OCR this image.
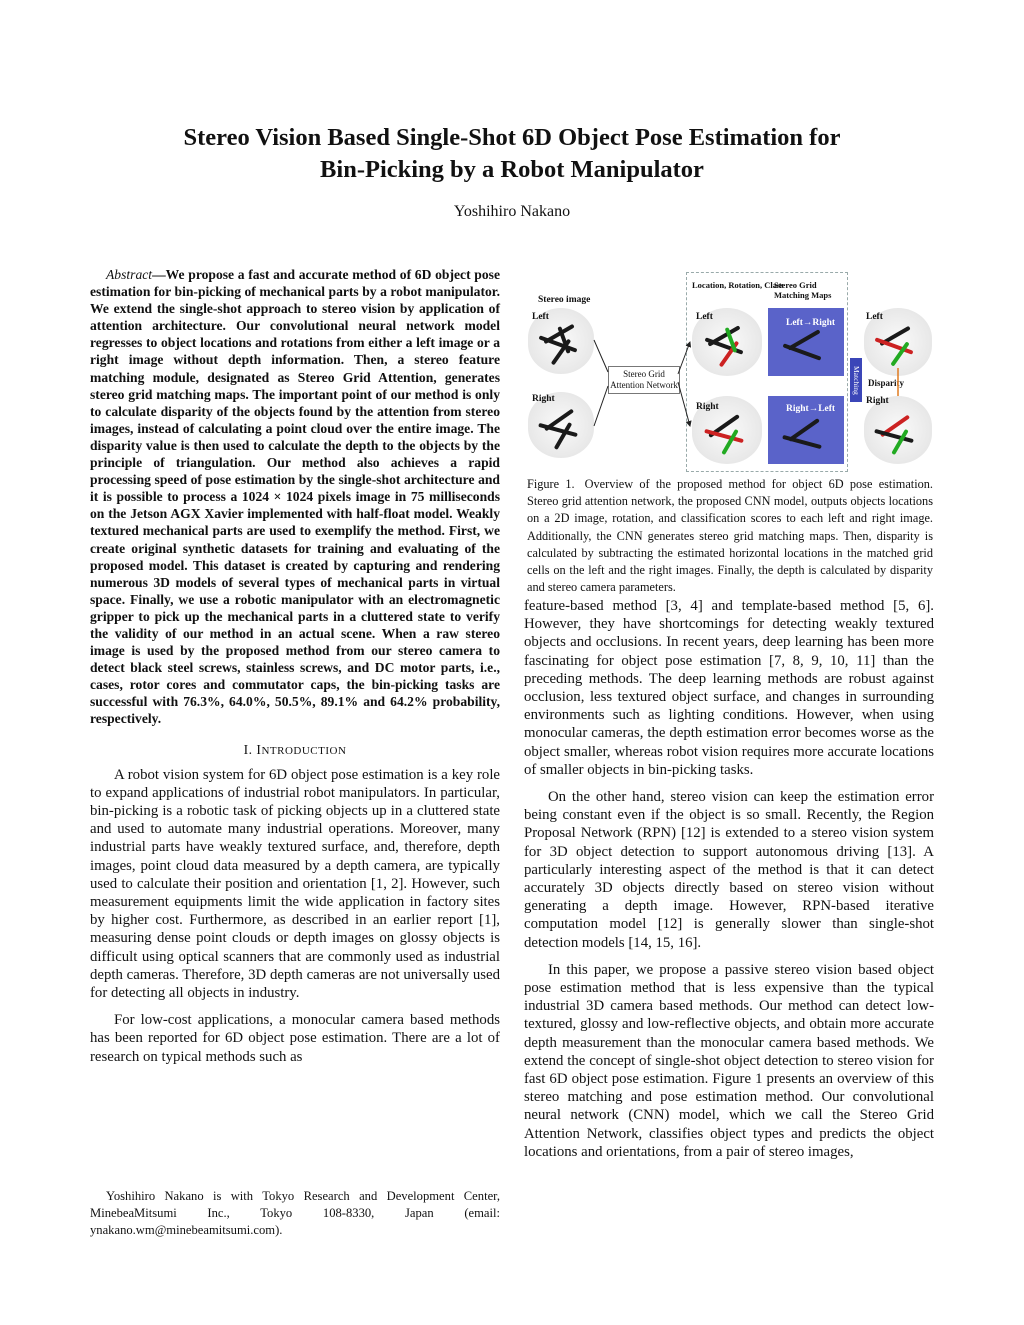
Stereo Vision Based Single-Shot 6D Object Pose Estimation for
Bin-Picking by a Robot Manipulator
Yoshihiro Nakano

Abstract—We propose a fast and accurate method of 6D object pose estimation for bin-picking of mechanical parts by a robot manipulator. We extend the single-shot approach to stereo vision by application of attention architecture. Our convolutional neural network model regresses to object locations and rotations from either a left image or a right image without depth information. Then, a stereo feature matching module, designated as Stereo Grid Attention, generates stereo grid matching maps. The important point of our method is only to calculate disparity of the objects found by the attention from stereo images, instead of calculating a point cloud over the entire image. The disparity value is then used to calculate the depth to the objects by the principle of triangulation. Our method also achieves a rapid processing speed of pose estimation by the single-shot architecture and it is possible to process a 1024 × 1024 pixels image in 75 milliseconds on the Jetson AGX Xavier implemented with half-float model. Weakly textured mechanical parts are used to exemplify the method. First, we create original synthetic datasets for training and evaluating of the proposed model. This dataset is created by capturing and rendering numerous 3D models of several types of mechanical parts in virtual space. Finally, we use a robotic manipulator with an electromagnetic gripper to pick up the mechanical parts in a cluttered state to verify the validity of our method in an actual scene. When a raw stereo image is used by the proposed method from our stereo camera to detect black steel screws, stainless screws, and DC motor parts, i.e., cases, rotor cores and commutator caps, the bin-picking tasks are successful with 76.3%, 64.0%, 50.5%, 89.1% and 64.2% probability, respectively.

I. INTRODUCTION

A robot vision system for 6D object pose estimation is a key role to expand applications of industrial robot manipulators. In particular, bin-picking is a robotic task of picking objects up in a cluttered state and used to automate many industrial operations. Moreover, many industrial parts have weakly textured surface, and, therefore, depth images, point cloud data measured by a depth camera, are typically used to calculate their position and orientation [1, 2]. However, such measurement equipments limit the wide application in factory sites by higher cost. Furthermore, as described in an earlier report [1], measuring dense point clouds or depth images on glossy objects is difficult using optical scanners that are commonly used as industrial depth cameras. Therefore, 3D depth cameras are not universally used for detecting all objects in industry.

For low-cost applications, a monocular camera based methods has been reported for 6D object pose estimation. There are a lot of research on typical methods such as

Yoshihiro Nakano is with Tokyo Research and Development Center, MinebeaMitsumi Inc., Tokyo 108-8330, Japan (email: ynakano.wm@minebeamitsumi.com).
Stereo image
Location, Rotation, Class
Stereo Grid Matching Maps
Left
Right
Stereo Grid Attention Network
Left
Right
Left→Right
Right→Left
Matching
Left
Right
Disparity
Figure 1. Overview of the proposed method for object 6D pose estimation. Stereo grid attention network, the proposed CNN model, outputs objects locations on a 2D image, rotation, and classification scores to each left and right image. Additionally, the CNN generates stereo grid matching maps. Then, disparity is calculated by subtracting the estimated horizontal locations in the matched grid cells on the left and the right images. Finally, the depth is calculated by disparity and stereo camera parameters.

feature-based method [3, 4] and template-based method [5, 6]. However, they have shortcomings for detecting weakly textured objects and occlusions. In recent years, deep learning has been more fascinating for object pose estimation [7, 8, 9, 10, 11] than the preceding methods. The deep learning methods are robust against occlusion, less textured object surface, and changes in surrounding environments such as lighting conditions. However, when using monocular cameras, the depth estimation error becomes worse as the object smaller, whereas robot vision requires more accurate locations of smaller objects in bin-picking tasks.

On the other hand, stereo vision can keep the estimation error being constant even if the object is so small. Recently, the Region Proposal Network (RPN) [12] is extended to a stereo vision system for 3D object detection to support autonomous driving [13]. A particularly interesting aspect of the method is that it can detect accurately 3D objects directly based on stereo vision without generating a depth image. However, RPN-based iterative computation model [12] is generally slower than single-shot detection models [14, 15, 16].

In this paper, we propose a passive stereo vision based object pose estimation method that is less expensive than the typical industrial 3D camera based methods. Our method can detect low-textured, glossy and low-reflective objects, and obtain more accurate depth measurement than the monocular camera based methods. We extend the concept of single-shot object detection to stereo vision for fast 6D object pose estimation. Figure 1 presents an overview of this stereo matching and pose estimation method. Our convolutional neural network (CNN) model, which we call the Stereo Grid Attention Network, classifies object types and predicts the object locations and orientations, from a pair of stereo images,
